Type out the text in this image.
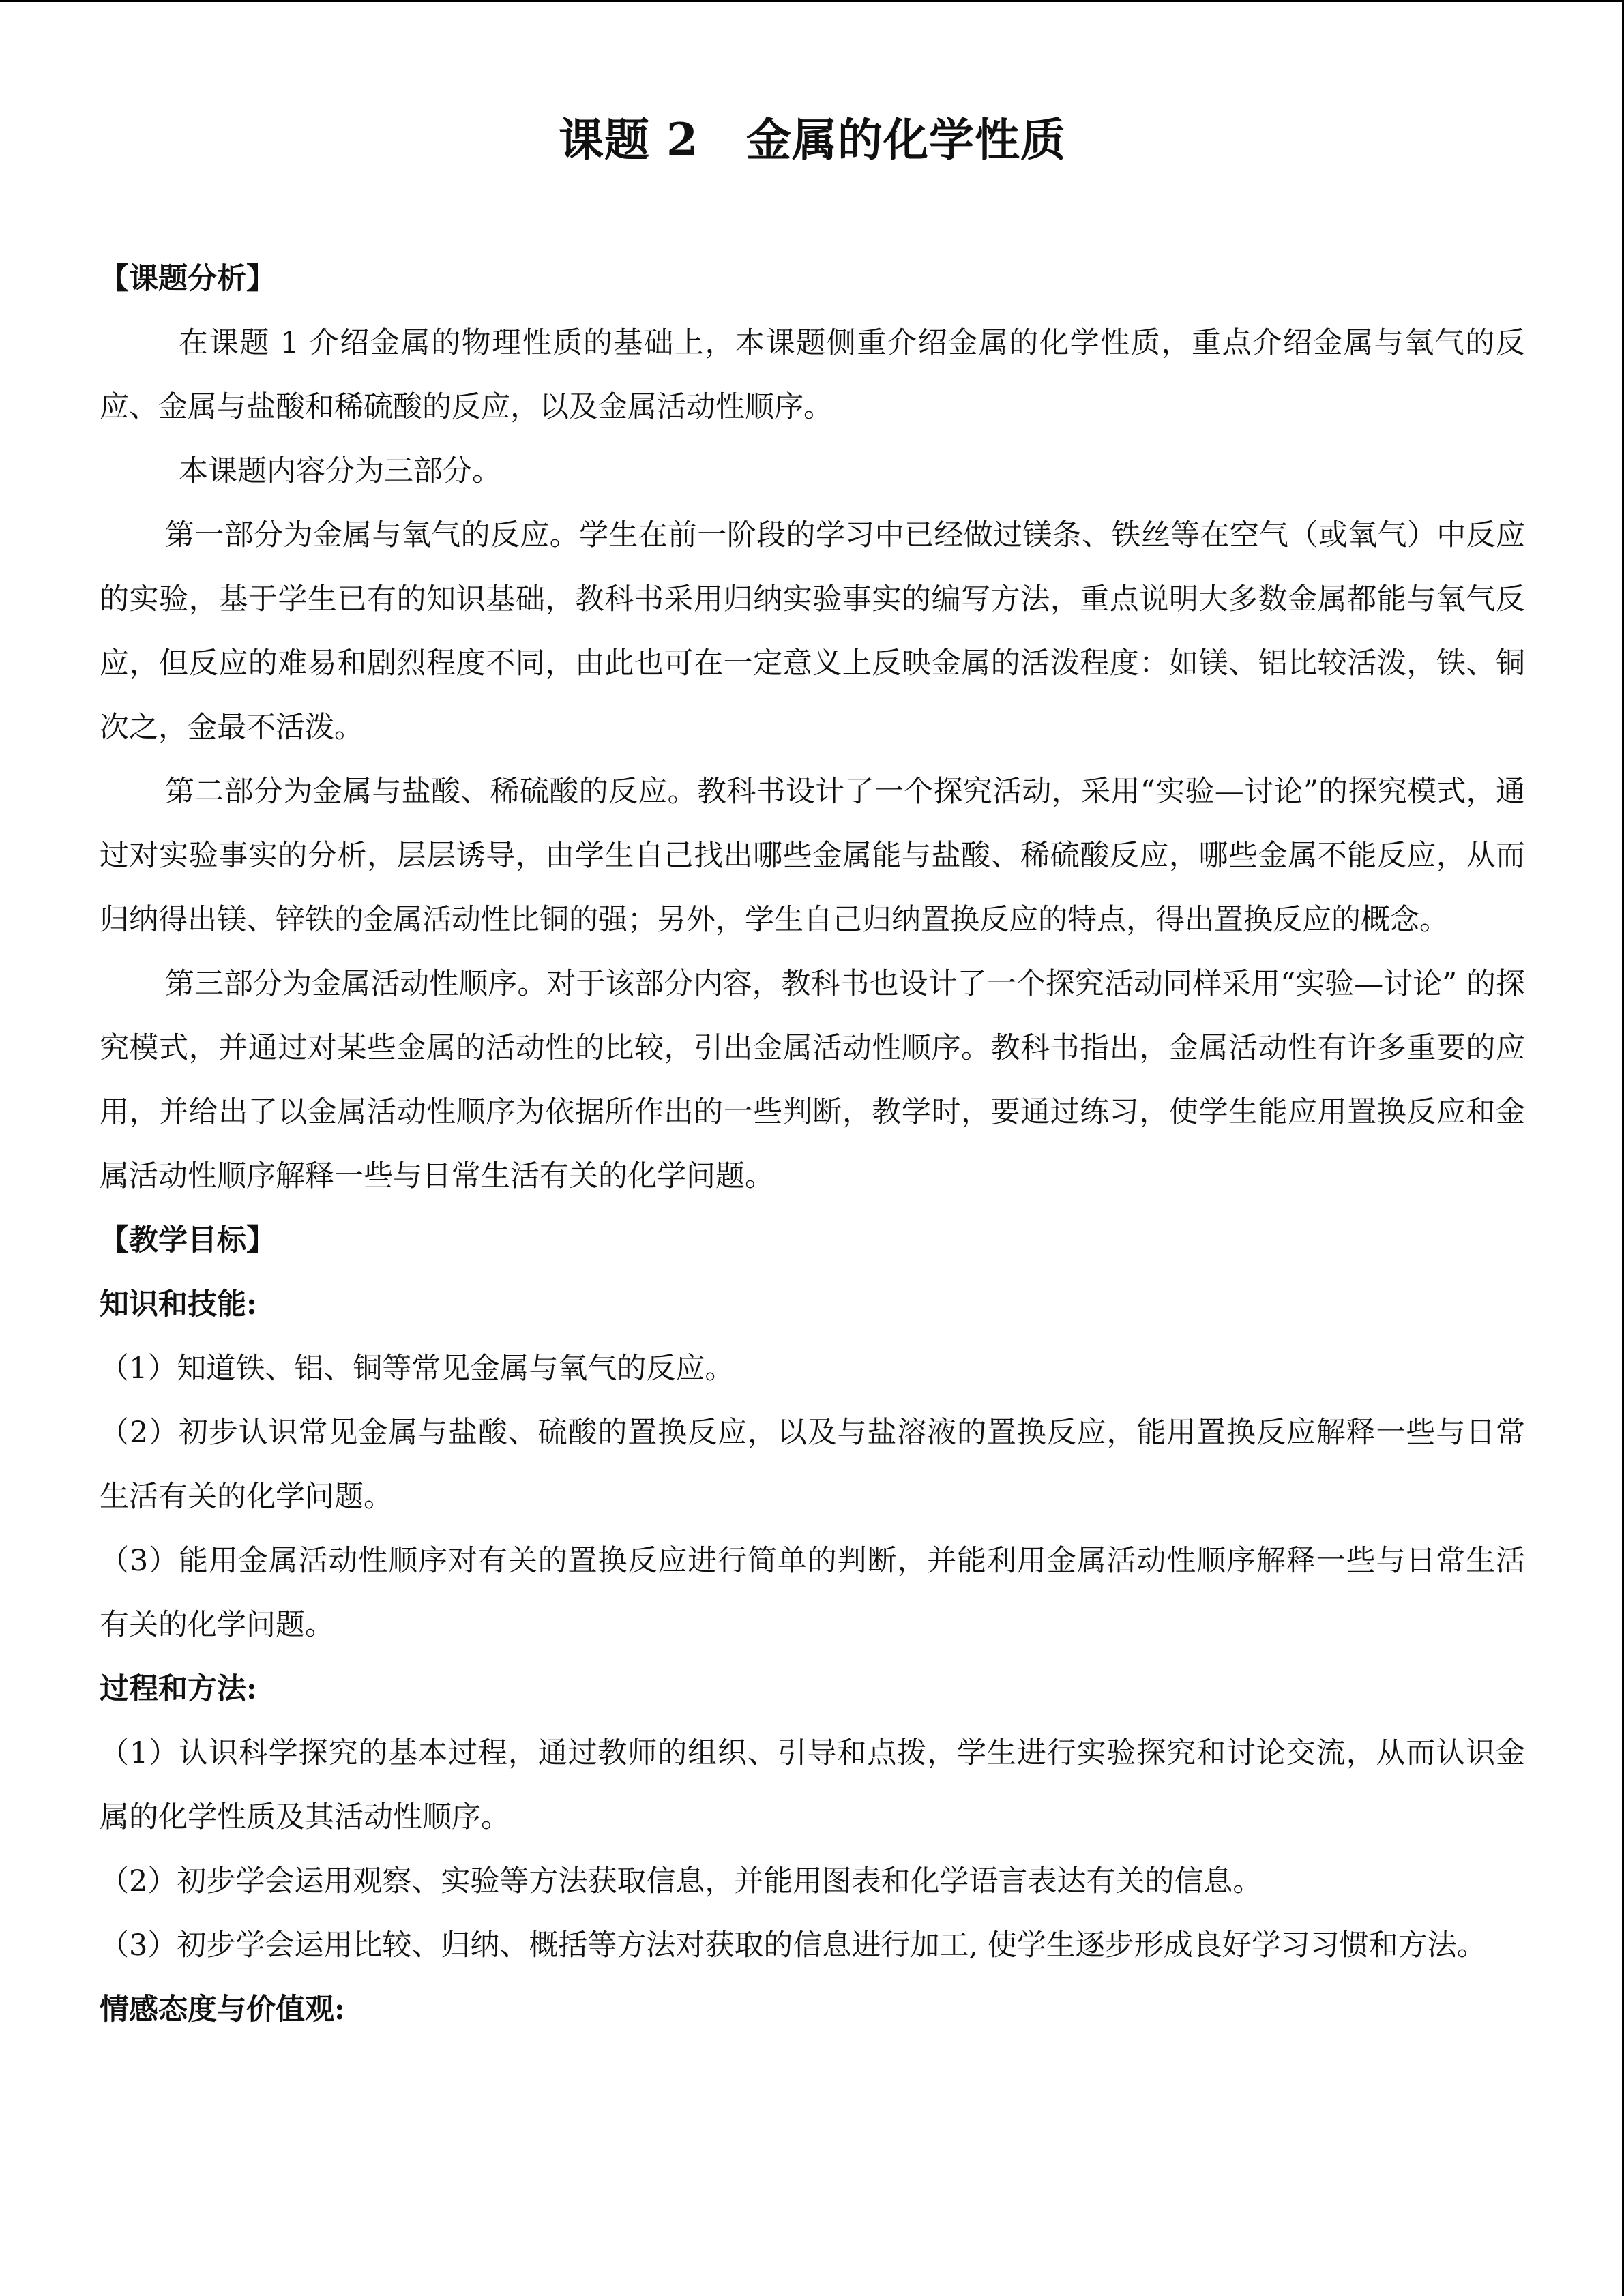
课题 2 金属的化学性质

【课题分析】

在课题 1 介绍金属的物理性质的基础上，本课题侧重介绍金属的化学性质，重点介绍金属与氧气的反应、金属与盐酸和稀硫酸的反应，以及金属活动性顺序。

本课题内容分为三部分。

第一部分为金属与氧气的反应。学生在前一阶段的学习中已经做过镁条、铁丝等在空气（或氧气）中反应的实验，基于学生已有的知识基础，教科书采用归纳实验事实的编写方法，重点说明大多数金属都能与氧气反应，但反应的难易和剧烈程度不同，由此也可在一定意义上反映金属的活泼程度：如镁、铝比较活泼，铁、铜次之，金最不活泼。

第二部分为金属与盐酸、稀硫酸的反应。教科书设计了一个探究活动，采用“实验—讨论”的探究模式，通过对实验事实的分析，层层诱导，由学生自己找出哪些金属能与盐酸、稀硫酸反应，哪些金属不能反应，从而归纳得出镁、锌铁的金属活动性比铜的强；另外，学生自己归纳置换反应的特点，得出置换反应的概念。

第三部分为金属活动性顺序。对于该部分内容，教科书也设计了一个探究活动同样采用“实验—讨论” 的探究模式，并通过对某些金属的活动性的比较，引出金属活动性顺序。教科书指出，金属活动性有许多重要的应用，并给出了以金属活动性顺序为依据所作出的一些判断，教学时，要通过练习，使学生能应用置换反应和金属活动性顺序解释一些与日常生活有关的化学问题。

【教学目标】

知识和技能:

（1）知道铁、铝、铜等常见金属与氧气的反应。

（2）初步认识常见金属与盐酸、硫酸的置换反应，以及与盐溶液的置换反应，能用置换反应解释一些与日常生活有关的化学问题。

（3）能用金属活动性顺序对有关的置换反应进行简单的判断，并能利用金属活动性顺序解释一些与日常生活有关的化学问题。

过程和方法:

（1）认识科学探究的基本过程，通过教师的组织、引导和点拨，学生进行实验探究和讨论交流，从而认识金属的化学性质及其活动性顺序。

（2）初步学会运用观察、实验等方法获取信息，并能用图表和化学语言表达有关的信息。

（3）初步学会运用比较、归纳、概括等方法对获取的信息进行加工, 使学生逐步形成良好学习习惯和方法。

情感态度与价值观:
